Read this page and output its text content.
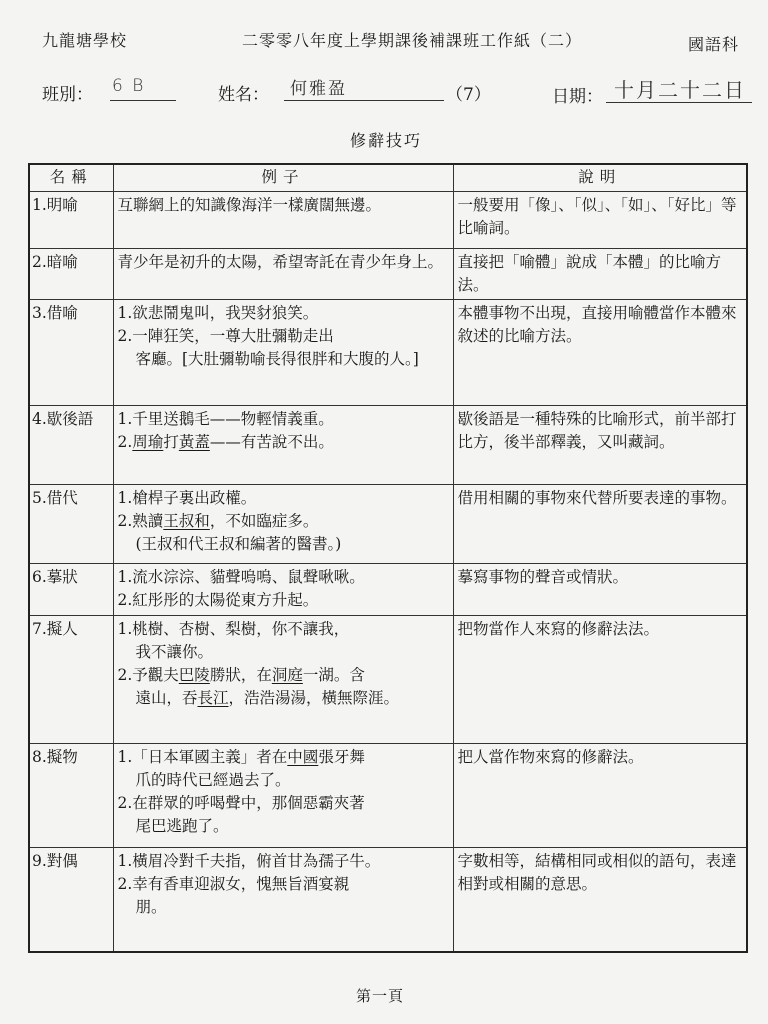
九龍塘學校	二零零八年度上學期課後補課班工作紙（二）	國語科
班別： 6 B	姓名： 何雅盈	（7）	日期： 十月二十二日
修辭技巧
名稱	例子	說明
1.明喻	互聯網上的知識像海洋一樣廣闊無邊。	一般要用「像」、「似」、「如」、「好比」等比喻詞。
2.暗喻	青少年是初升的太陽，希望寄託在青少年身上。	直接把「喻體」說成「本體」的比喻方法。
3.借喻	1.欲悲鬧鬼叫，我哭豺狼笑。
2.一陣狂笑，一尊大肚彌勒走出
客廳。[大肚彌勒喻長得很胖和大腹的人。]	本體事物不出現，直接用喻體當作本體來敘述的比喻方法。
4.歇後語	1.千里送鵝毛——物輕情義重。
2.周瑜打黃蓋——有苦說不出。	歇後語是一種特殊的比喻形式，前半部打比方，後半部釋義，又叫藏詞。
5.借代	1.槍桿子裏出政權。
2.熟讀王叔和，不如臨症多。
(王叔和代王叔和編著的醫書。)	借用相關的事物來代替所要表達的事物。
6.摹狀	1.流水淙淙、貓聲嗚嗚、鼠聲啾啾。
2.紅彤彤的太陽從東方升起。	摹寫事物的聲音或情狀。
7.擬人	1.桃樹、杏樹、梨樹，你不讓我，
我不讓你。
2.予觀夫巴陵勝狀，在洞庭一湖。含
遠山，吞長江，浩浩湯湯，橫無際涯。	把物當作人來寫的修辭法法。
8.擬物	1.「日本軍國主義」者在中國張牙舞
爪的時代已經過去了。
2.在群眾的呼喝聲中，那個惡霸夾著
尾巴逃跑了。	把人當作物來寫的修辭法。
9.對偶	1.橫眉冷對千夫指，俯首甘為孺子牛。
2.幸有香車迎淑女，愧無旨酒宴親
朋。	字數相等，結構相同或相似的語句，表達相對或相關的意思。
第一頁
